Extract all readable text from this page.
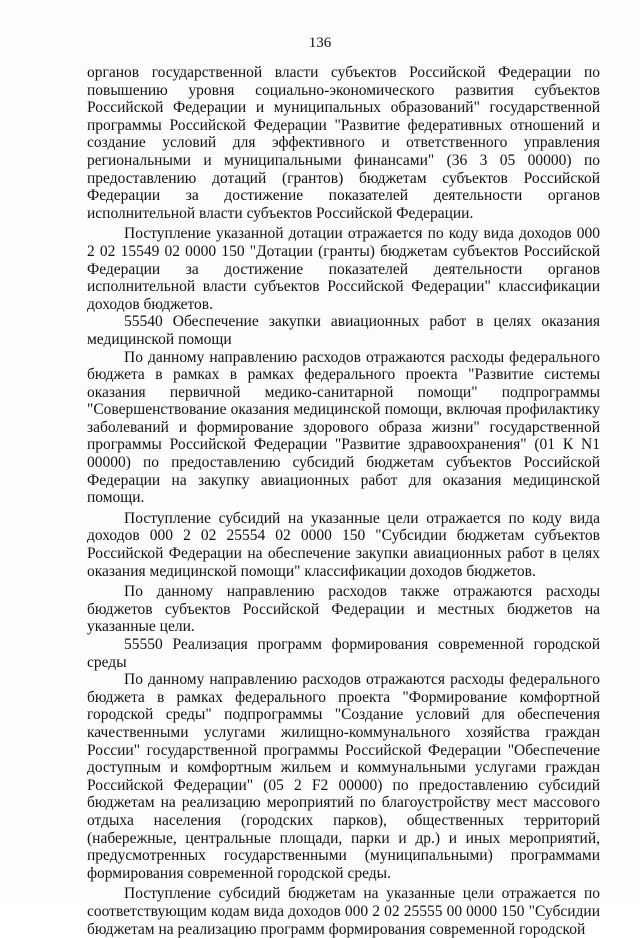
136

органов государственной власти субъектов Российской Федерации по повышению уровня социально-экономического развития субъектов Российской Федерации и муниципальных образований" государственной программы Российской Федерации "Развитие федеративных отношений и создание условий для эффективного и ответственного управления региональными и муниципальными финансами" (36 3 05 00000) по предоставлению дотаций (грантов) бюджетам субъектов Российской Федерации за достижение показателей деятельности органов исполнительной власти субъектов Российской Федерации.

Поступление указанной дотации отражается по коду вида доходов 000 2 02 15549 02 0000 150 "Дотации (гранты) бюджетам субъектов Российской Федерации за достижение показателей деятельности органов исполнительной власти субъектов Российской Федерации" классификации доходов бюджетов.

55540 Обеспечение закупки авиационных работ в целях оказания медицинской помощи

По данному направлению расходов отражаются расходы федерального бюджета в рамках в рамках федерального проекта "Развитие системы оказания первичной медико-санитарной помощи" подпрограммы "Совершенствование оказания медицинской помощи, включая профилактику заболеваний и формирование здорового образа жизни" государственной программы Российской Федерации "Развитие здравоохранения" (01 К N1 00000) по предоставлению субсидий бюджетам субъектов Российской Федерации на закупку авиационных работ для оказания медицинской помощи.

Поступление субсидий на указанные цели отражается по коду вида доходов 000 2 02 25554 02 0000 150 "Субсидии бюджетам субъектов Российской Федерации на обеспечение закупки авиационных работ в целях оказания медицинской помощи" классификации доходов бюджетов.

По данному направлению расходов также отражаются расходы бюджетов субъектов Российской Федерации и местных бюджетов на указанные цели.

55550 Реализация программ формирования современной городской среды

По данному направлению расходов отражаются расходы федерального бюджета в рамках федерального проекта "Формирование комфортной городской среды" подпрограммы "Создание условий для обеспечения качественными услугами жилищно-коммунального хозяйства граждан России" государственной программы Российской Федерации "Обеспечение доступным и комфортным жильем и коммунальными услугами граждан Российской Федерации" (05 2 F2 00000) по предоставлению субсидий бюджетам на реализацию мероприятий по благоустройству мест массового отдыха населения (городских парков), общественных территорий (набережные, центральные площади, парки и др.) и иных мероприятий, предусмотренных государственными (муниципальными) программами формирования современной городской среды.

Поступление субсидий бюджетам на указанные цели отражается по соответствующим кодам вида доходов 000 2 02 25555 00 0000 150 "Субсидии бюджетам на реализацию программ формирования современной городской
